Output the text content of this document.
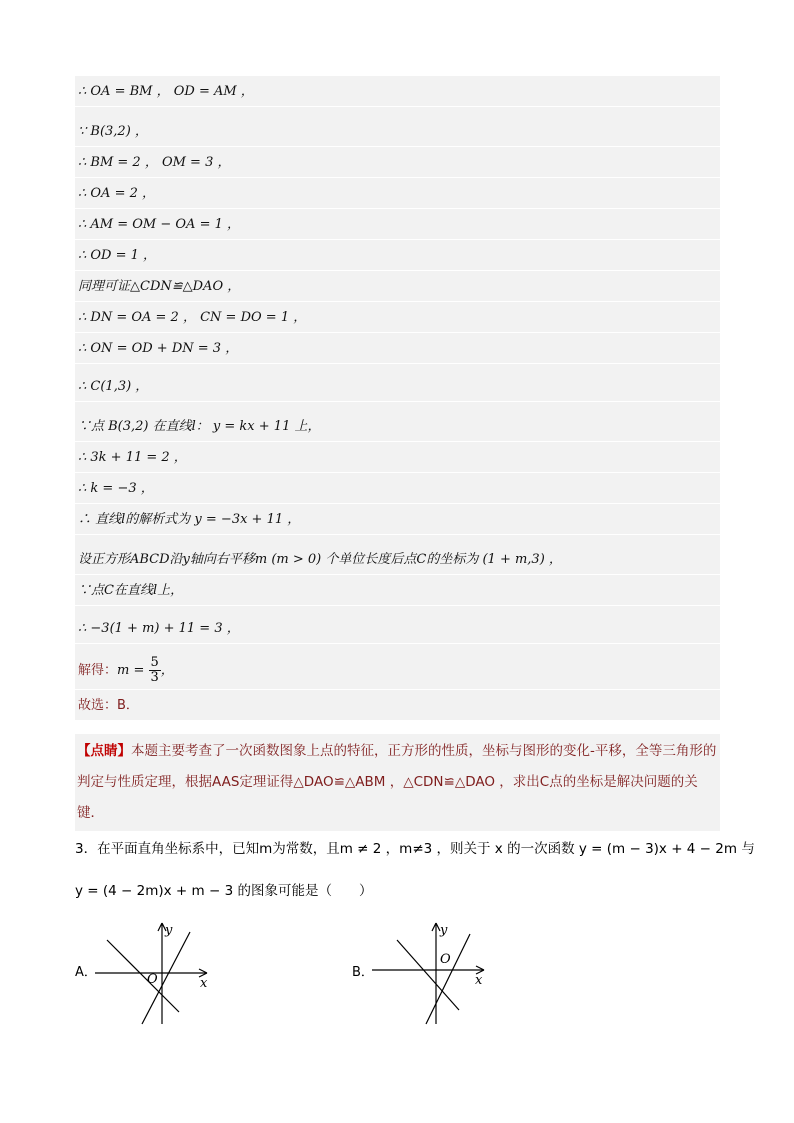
∴ OA = BM ， OD = AM ，
∵ B(3,2) ，
∴ BM = 2 ， OM = 3 ，
∴ OA = 2 ，
∴ AM = OM − OA = 1 ，
∴ OD = 1 ，
同理可证△CDN≌△DAO ，
∴ DN = OA = 2 ， CN = DO = 1 ，
∴ ON = OD + DN = 3 ，
∴ C(1,3) ，
∵点 B(3,2) 在直线l： y = kx + 11 上，
∴ 3k + 11 = 2 ，
∴ k = −3 ，
∴ 直线l的解析式为 y = −3x + 11 ，
设正方形ABCD沿y轴向右平移m (m > 0) 个单位长度后点C的坐标为 (1 + m,3) ，
∵点C在直线l上，
∴ −3(1 + m) + 11 = 3 ，
解得：$m = \frac{5}{3}$ ，
故选：B．
【点睛】本题主要考查了一次函数图象上点的特征，正方形的性质，坐标与图形的变化-平移，全等三角形的判定与性质定理，根据AAS定理证得△DAO≌△ABM ，△CDN≌△DAO ，求出C点的坐标是解决问题的关键．
3．在平面直角坐标系中，已知m为常数，且m ≠ 2 ，m≠3 ，则关于 x 的一次函数 y = (m − 3)x + 4 − 2m 与
y = (4 − 2m)x + m − 3 的图象可能是（　　）
A．	O	x
y
B．
O
x
y
